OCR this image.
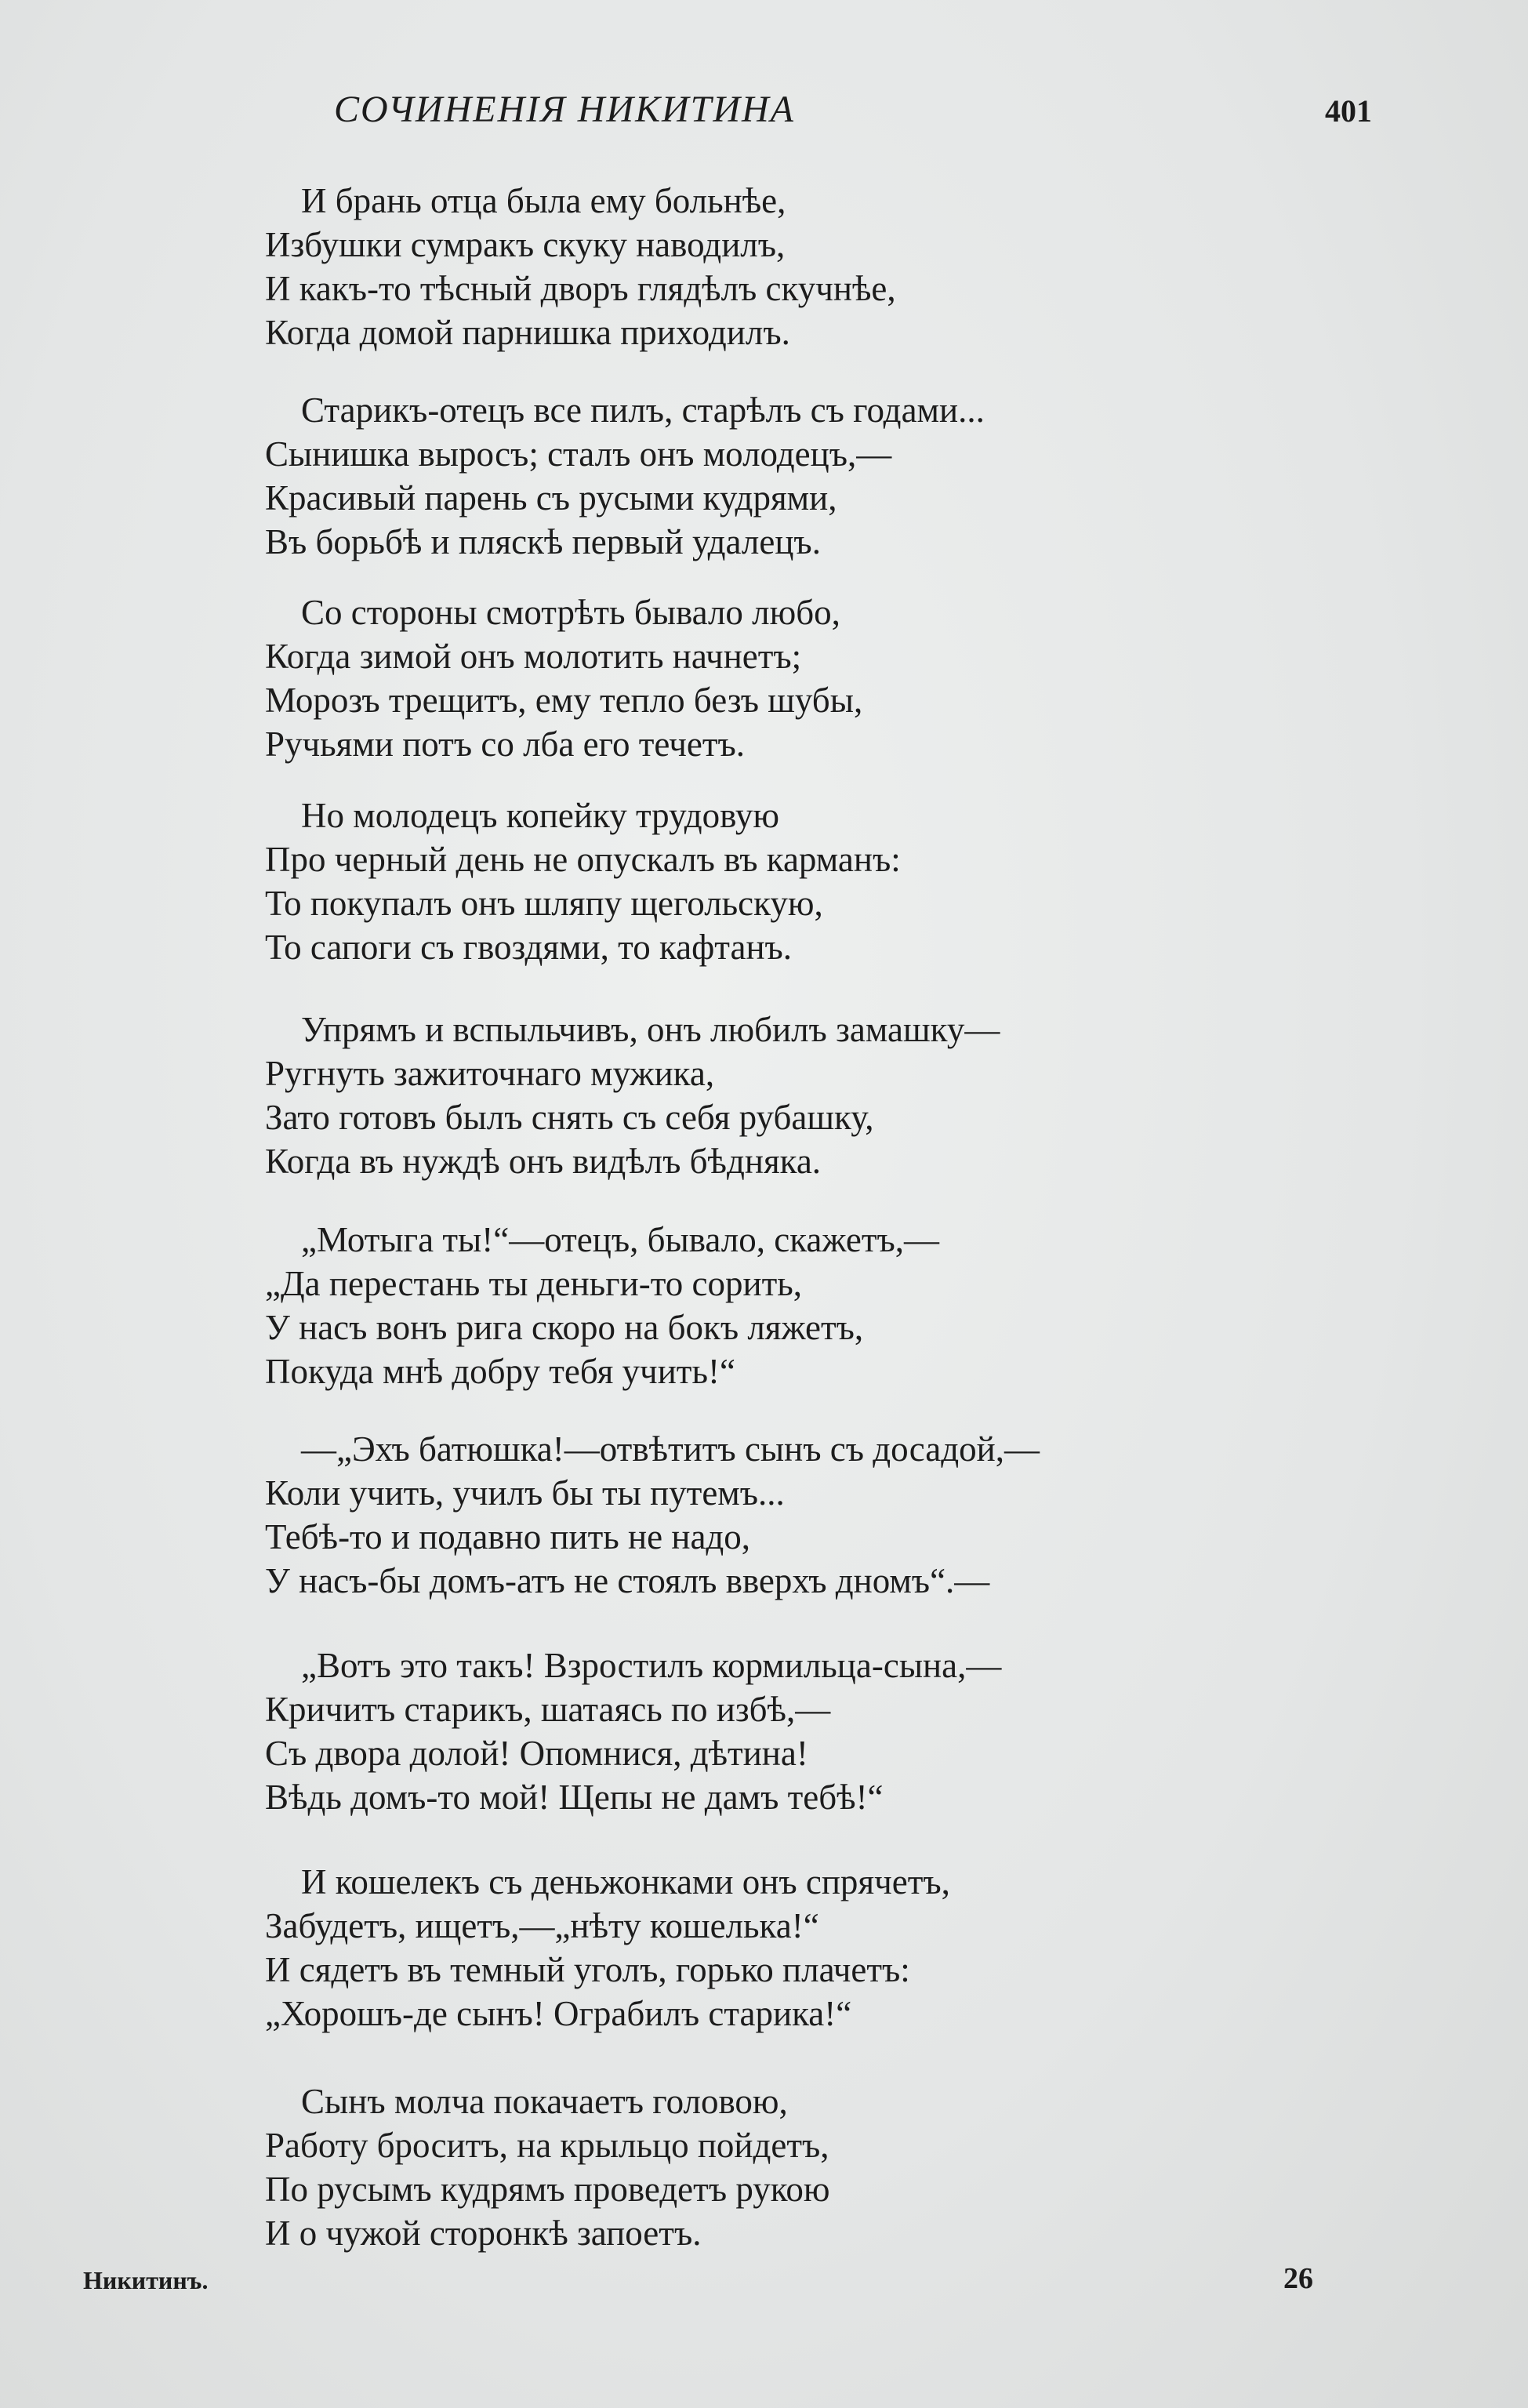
СОЧИНЕНІЯ НИКИТИНА	401
И брань отца была ему больнѣе,
Избушки сумракъ скуку наводилъ,
И какъ-то тѣсный дворъ глядѣлъ скучнѣе,
Когда домой парнишка приходилъ.
Старикъ-отецъ все пилъ, старѣлъ съ годами...
Сынишка выросъ; сталъ онъ молодецъ,—
Красивый парень съ русыми кудрями,
Въ борьбѣ и пляскѣ первый удалецъ.
Со стороны смотрѣть бывало любо,
Когда зимой онъ молотить начнетъ;
Морозъ трещитъ, ему тепло безъ шубы,
Ручьями потъ со лба его течетъ.
Но молодецъ копейку трудовую
Про черный день не опускалъ въ карманъ:
То покупалъ онъ шляпу щегольскую,
То сапоги съ гвоздями, то кафтанъ.
Упрямъ и вспыльчивъ, онъ любилъ замашку—
Ругнуть зажиточнаго мужика,
Зато готовъ былъ снять съ себя рубашку,
Когда въ нуждѣ онъ видѣлъ бѣдняка.
„Мотыга ты!“—отецъ, бывало, скажетъ,—
„Да перестань ты деньги-то сорить,
У насъ вонъ рига скоро на бокъ ляжетъ,
Покуда мнѣ добру тебя учить!“
—„Эхъ батюшка!—отвѣтитъ сынъ съ досадой,—
Коли учить, училъ бы ты путемъ...
Тебѣ-то и подавно пить не надо,
У насъ-бы домъ-атъ не стоялъ вверхъ дномъ“.—
„Вотъ это такъ! Взростилъ кормильца-сына,—
Кричитъ старикъ, шатаясь по избѣ,—
Съ двора долой! Опомнися, дѣтина!
Вѣдь домъ-то мой! Щепы не дамъ тебѣ!“
И кошелекъ съ деньжонками онъ спрячетъ,
Забудетъ, ищетъ,—„нѣту кошелька!“
И сядетъ въ темный уголъ, горько плачетъ:
„Хорошъ-де сынъ! Ограбилъ старика!“
Сынъ молча покачаетъ головою,
Работу броситъ, на крыльцо пойдетъ,
По русымъ кудрямъ проведетъ рукою
И о чужой сторонкѣ запоетъ.
Никитинъ.	26
